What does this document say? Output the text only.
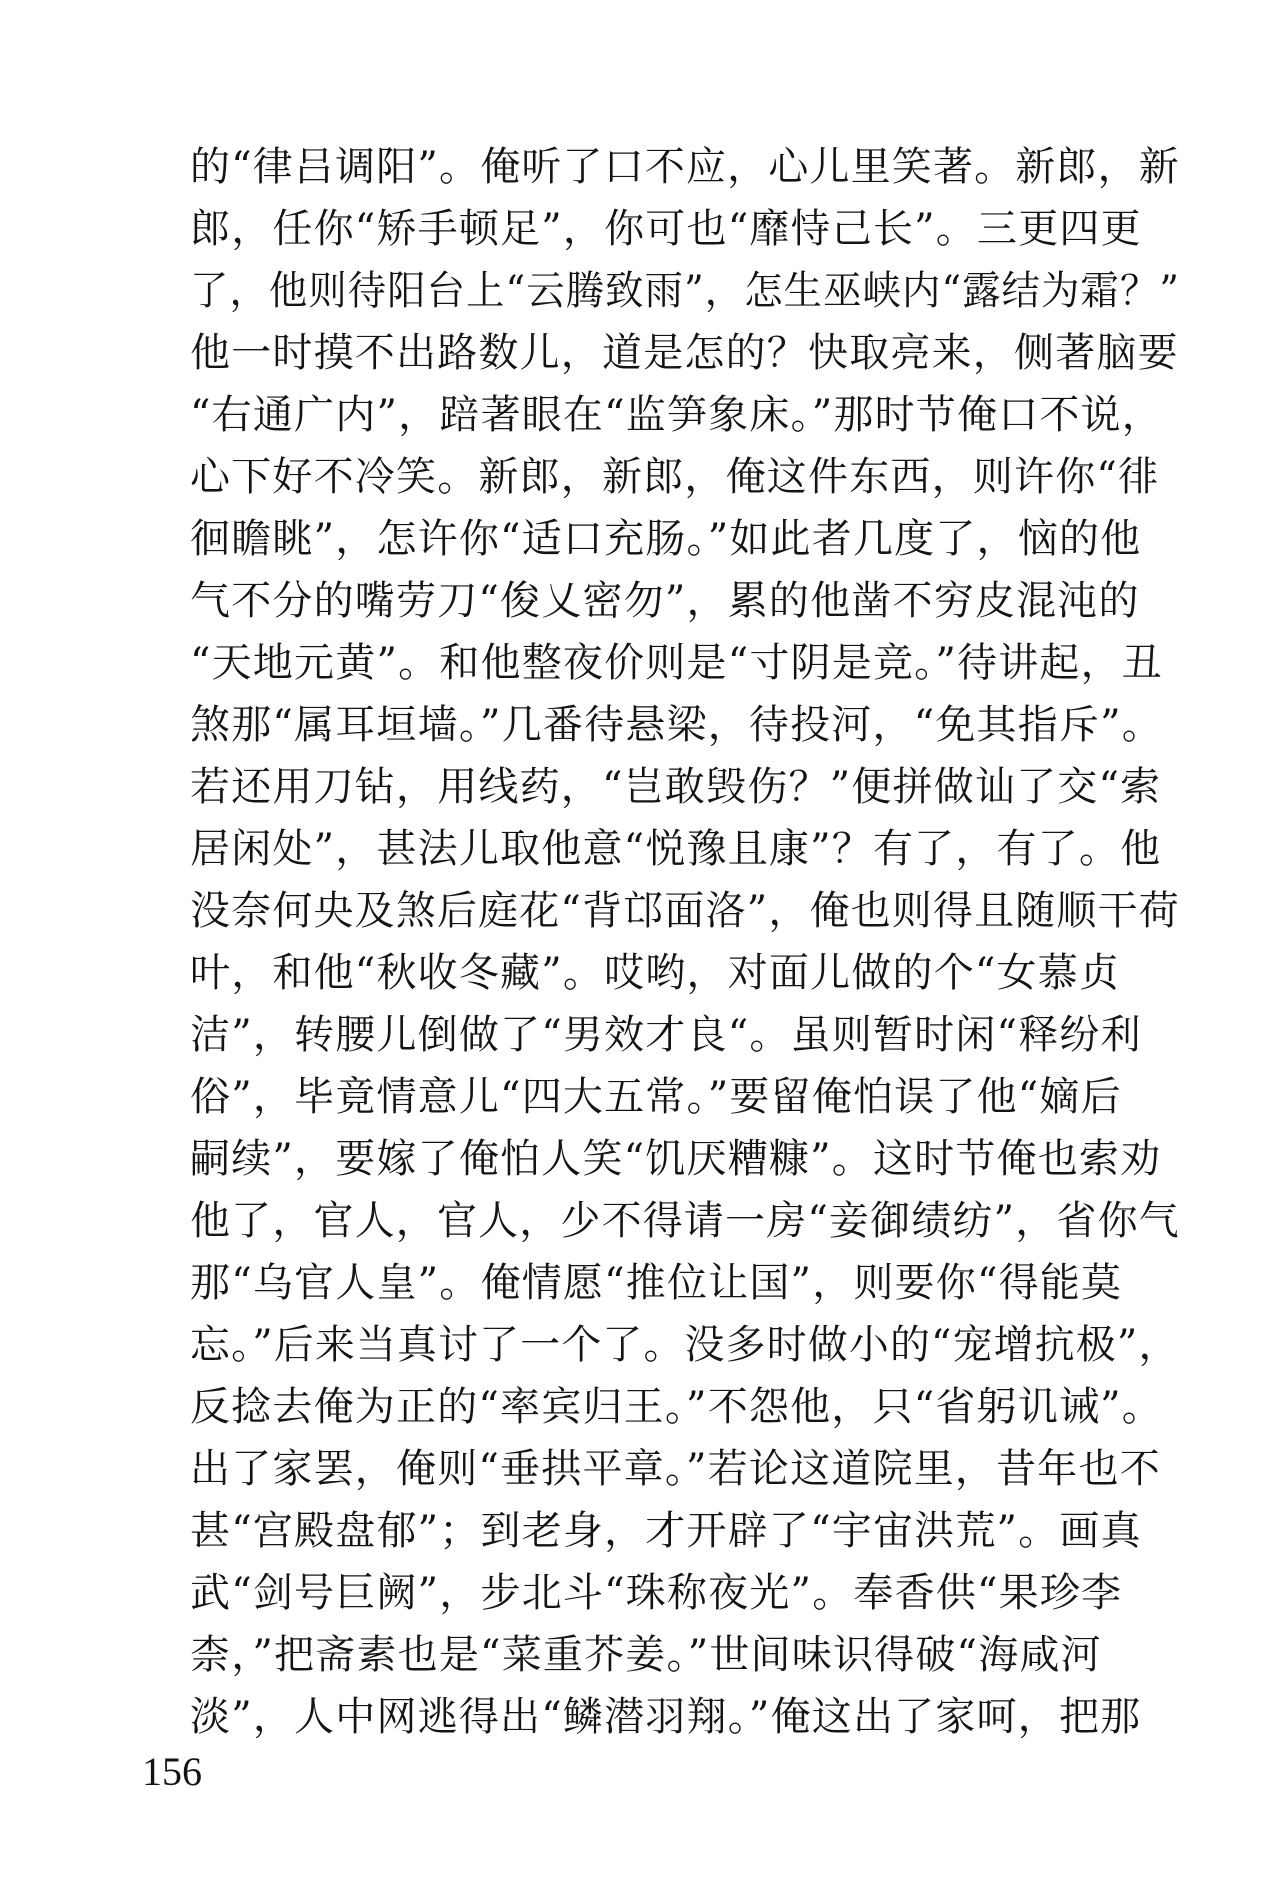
的“律吕调阳”。俺听了口不应，心儿里笑著。新郎，新
郎，任你“矫手顿足”，你可也“靡恃己长”。三更四更
了，他则待阳台上“云腾致雨”，怎生巫峡内“露结为霜？”
他一时摸不出路数儿，道是怎的？快取亮来，侧著脑要
“右通广内”，踣著眼在“监笋象床。”那时节俺口不说，
心下好不冷笑。新郎，新郎，俺这件东西，则许你“徘
徊瞻眺”，怎许你“适口充肠。”如此者几度了，恼的他
气不分的嘴劳刀“俊乂密勿”，累的他凿不穷皮混沌的
“天地元黄”。和他整夜价则是“寸阴是竞。”待讲起，丑
煞那“属耳垣墙。”几番待悬梁，待投河，“免其指斥”。
若还用刀钻，用线药，“岂敢毁伤？”便拼做讪了交“索
居闲处”，甚法儿取他意“悦豫且康”？有了，有了。他
没奈何央及煞后庭花“背邙面洛”，俺也则得且随顺干荷
叶，和他“秋收冬藏”。哎哟，对面儿做的个“女慕贞
洁”，转腰儿倒做了“男效才良“。虽则暂时闲“释纷利
俗”，毕竟情意儿“四大五常。”要留俺怕误了他“嫡后
嗣续”，要嫁了俺怕人笑“饥厌糟糠”。这时节俺也索劝
他了，官人，官人，少不得请一房“妾御绩纺”，省你气
那“乌官人皇”。俺情愿“推位让国”，则要你“得能莫
忘。”后来当真讨了一个了。没多时做小的“宠增抗极”，
反捻去俺为正的“率宾归王。”不怨他，只“省躬讥诫”。
出了家罢，俺则“垂拱平章。”若论这道院里，昔年也不
甚“宫殿盘郁”；到老身，才开辟了“宇宙洪荒”。画真
武“剑号巨阙”，步北斗“珠称夜光”。奉香供“果珍李
柰，”把斋素也是“菜重芥姜。”世间味识得破“海咸河
淡”，人中网逃得出“鳞潜羽翔。”俺这出了家呵，把那
156
